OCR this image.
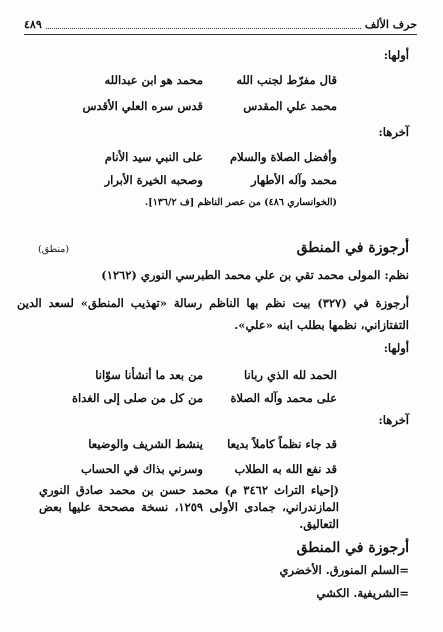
حرف الألف
٤٨٩
أولها:
قال مفرّط لجنب الله
محمد هو ابن عبدالله
محمد علي المقدس
قدس سره العلي الأقدس
آخرها:
وأفضل الصلاة والسلام
على النبي سيد الأنام
محمد وآله الأطهار
وصحبه الخيرة الأبرار
(الخوانساري ٤٨٦) من عصر الناظم [ف ١٣٦/٢].
أرجوزة في المنطق
(منطق)
نظم: المولى محمد تقي بن علي محمد الطبرسي النوري (١٢٦٢)
أرجوزة في (٣٢٧) بيت نظم بها الناظم رسالة «تهذيب المنطق» لسعد الدين التفتازاني، نظمها بطلب ابنه «علي».
أولها:
الحمد لله الذي ربانا
من بعد ما أنشأنا سوّانا
على محمد وآله الصلاة
من كل من صلى إلى الغداة
آخرها:
قد جاء نظماً كاملاً بديعا
ينشط الشريف والوضيعا
قد نفع الله به الطلاب
وسرني بذاك في الحساب
(إحياء التراث ٣٤٦٢ م) محمد حسن بن محمد صادق النوري المازندراني، جمادى الأولى ١٢٥٩، نسخة مصححة عليها بعض التعاليق.
أرجوزة في المنطق
=السلم المنورق. الأخضري
=الشريفية. الكشي
